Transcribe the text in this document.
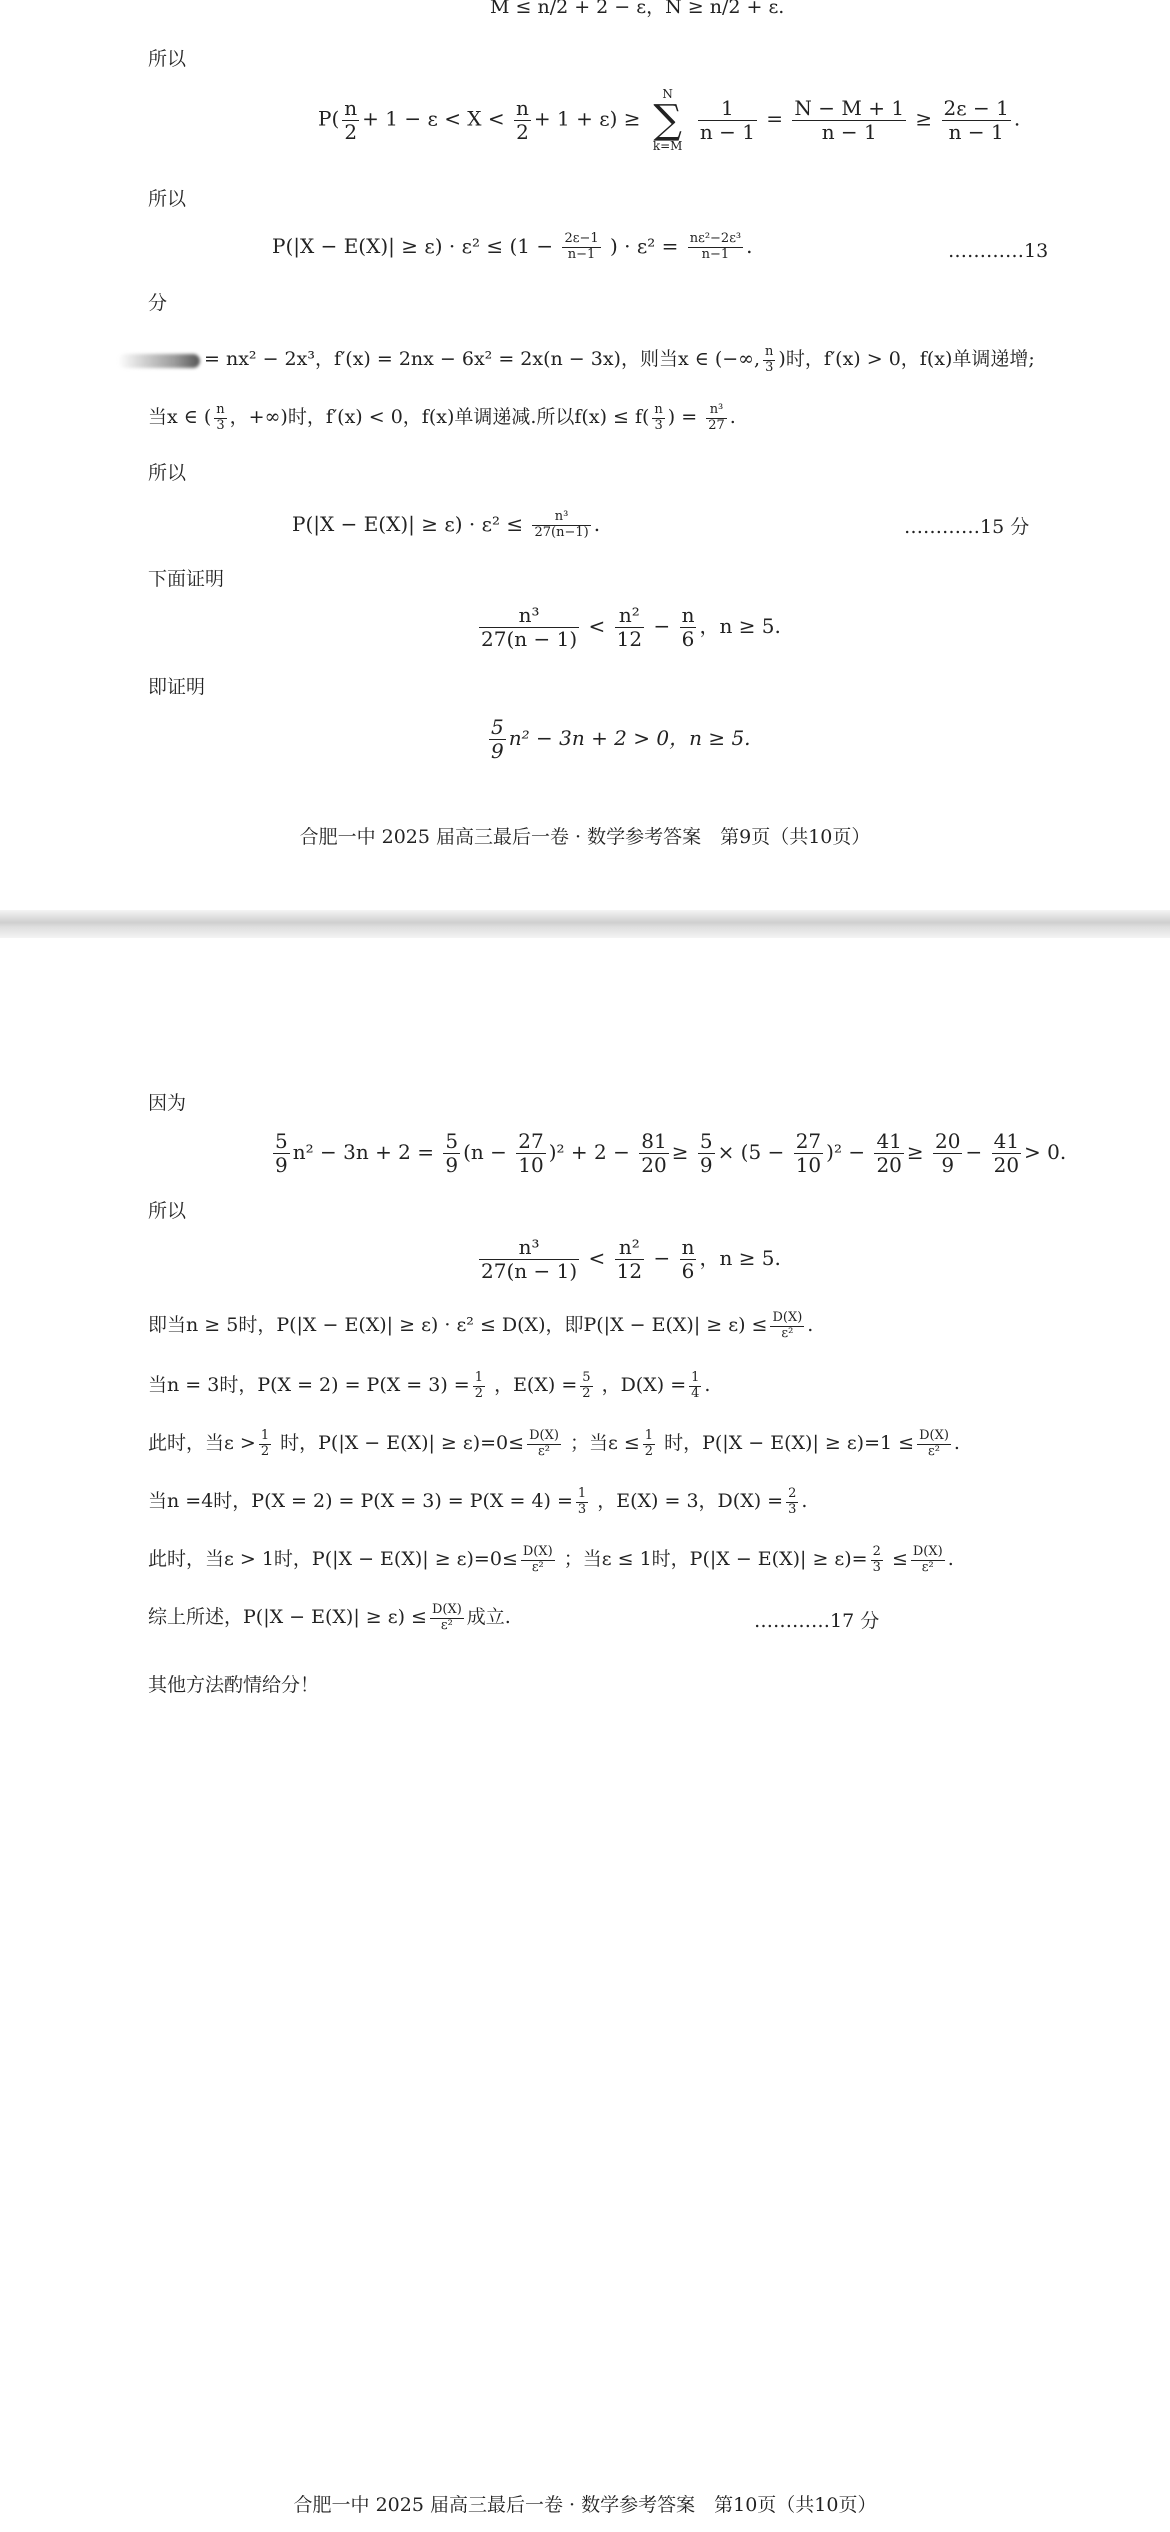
M ≤ n/2 + 2 − ε，N ≥ n/2 + ε.
所以
$P( \frac{n}{2} + 1 - \varepsilon < X < \frac{n}{2} + 1 + \varepsilon)$ ≥
N
∑
k=M

$\frac{1}{n - 1} = \frac{N - M + 1}{n - 1} \ge \frac{2\varepsilon - 1}{n - 1}$ .
所以
$P(|X - E(X)| \ge \varepsilon) \cdot \varepsilon^2 \le (1 - \frac{2\varepsilon-1}{n-1}$ ) · $\varepsilon^2 = \frac{\text{nε²−2ε³}}{n-1}$ .	…………13
分
= nx² − 2x³，f′(x) = 2nx − 6x² = 2x(n − 3x)，则当x ∈ (−∞, $\frac{n}{3}$ )时，f′(x) > 0，f(x)单调递增;
当x ∈ ( $\frac{n}{3}$ ，+∞)时，f′(x) < 0，f(x)单调递减.所以$f(x) \le f( \frac{n}{3}$ ) = $\frac{\text{n³}}{27}$ .
所以
$P(|X - E(X)| \ge \varepsilon) \cdot \varepsilon^2 \le \frac{\text{n³}}{27(n-1)}$ .	…………15 分
下面证明
$\frac{\text{n³}}{27(n - 1)} < \frac{\text{n²}}{12} - \frac{n}{6}$ ，n ≥ 5.
即证明
$\frac{5}{9} n^2 - 3n + 2 > 0$，n ≥ 5.
合肥一中 2025 届高三最后一卷 · 数学参考答案　第9页（共10页）
因为
$\frac{5}{9} n^2 - 3n + 2 = \frac{5}{9} (n - \frac{27}{10} )^2 + 2 - \frac{81}{20} \ge \frac{5}{9} \times (5 - \frac{27}{10} )^2 - \frac{41}{20} \ge \frac{20}{9} - \frac{41}{20} > 0$.
所以
$\frac{\text{n³}}{27(n - 1)} < \frac{\text{n²}}{12} - \frac{n}{6}$ ，n ≥ 5.
即当n ≥ 5时，P(|X − E(X)| ≥ ε) · ε² ≤ D(X)，即$P(|X - E(X)| \ge \varepsilon) \le \frac{D(X)}{\text{ε²}}$ .
当n = 3时，$P(X = 2) = P(X = 3) = \frac{1}{2}$ ，$E(X) = \frac{5}{2}$ ，$D(X) = \frac{1}{4}$ .
此时，当$\varepsilon > \frac{1}{2}$ 时，$P(|X - E(X)| \ge \varepsilon)=0\le \frac{D(X)}{\text{ε²}}$ ；当$\varepsilon \le \frac{1}{2}$ 时，$P(|X - E(X)| \ge \varepsilon)=1 \le \frac{D(X)}{\text{ε²}}$ .
当n =4时，$P(X = 2) = P(X = 3) = P(X = 4) = \frac{1}{3}$ ，E(X) = 3，$D(X) = \frac{2}{3}$ .
此时，当ε > 1时，$P(|X - E(X)| \ge \varepsilon)=0\le \frac{D(X)}{\text{ε²}}$ ；当ε ≤ 1时，$P(|X - E(X)| \ge \varepsilon)= \frac{2}{3} \le \frac{D(X)}{\text{ε²}}$ .
综上所述，$P(|X - E(X)| \ge \varepsilon) \le \frac{D(X)}{\text{ε²}}$ 成立.	…………17 分
其他方法酌情给分！
合肥一中 2025 届高三最后一卷 · 数学参考答案　第10页（共10页）
